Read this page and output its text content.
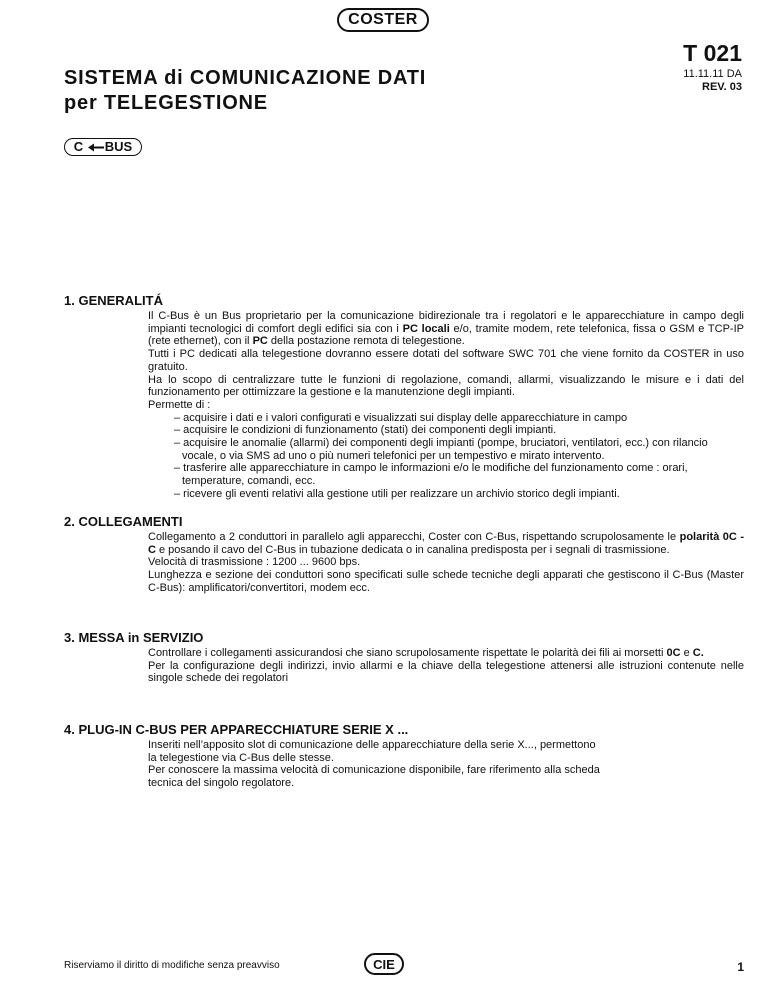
COSTER
T 021
11.11.11 DA
REV. 03
SISTEMA di COMUNICAZIONE DATI
per TELEGESTIONE
C BUS
1. GENERALITÁ

Il C-Bus è un Bus proprietario per la comunicazione bidirezionale tra i regolatori e le apparecchiature in campo degli impianti tecnologici di comfort degli edifici sia con i PC locali e/o, tramite modem, rete telefonica, fissa o GSM e TCP-IP (rete ethernet), con il PC della postazione remota di telegestione.

Tutti i PC dedicati alla telegestione dovranno essere dotati del software SWC 701 che viene fornito da COSTER in uso gratuito.

Ha lo scopo di centralizzare tutte le funzioni di regolazione, comandi, allarmi, visualizzando le misure e i dati del funzionamento per ottimizzare la gestione e la manutenzione degli impianti.

Permette di :

– acquisire i dati e i valori configurati e visualizzati sui display delle apparecchiature in campo

– acquisire le condizioni di funzionamento (stati) dei componenti degli impianti.

– acquisire le anomalie (allarmi) dei componenti degli impianti (pompe, bruciatori, ventilatori, ecc.) con rilancio

vocale, o via SMS ad uno o più numeri telefonici per un tempestivo e mirato intervento.

– trasferire alle apparecchiature in campo le informazioni e/o le modifiche del funzionamento come : orari,

temperature, comandi, ecc.

– ricevere gli eventi relativi alla gestione utili per realizzare un archivio storico degli impianti.

2. COLLEGAMENTI

Collegamento a 2 conduttori in parallelo agli apparecchi, Coster con C-Bus, rispettando scrupolosamente le polarità 0C - C e posando il cavo del C-Bus in tubazione dedicata o in canalina predisposta per i segnali di trasmissione.

Velocità di trasmissione : 1200 ... 9600 bps.

Lunghezza e sezione dei conduttori sono specificati sulle schede tecniche degli apparati che gestiscono il C-Bus (Master C-Bus): amplificatori/convertitori, modem ecc.

3. MESSA in SERVIZIO

Controllare i collegamenti assicurandosi che siano scrupolosamente rispettate le polarità dei fili ai morsetti 0C e C.

Per la configurazione degli indirizzi, invio allarmi e la chiave della telegestione attenersi alle istruzioni contenute nelle singole schede dei regolatori

4. PLUG-IN C-BUS PER APPARECCHIATURE SERIE X ...
Inseriti nell’apposito slot di comunicazione delle apparecchiature della serie X..., permettono
la telegestione via C-Bus delle stesse.
Per conoscere la massima velocità di comunicazione disponibile, fare riferimento alla scheda
tecnica del singolo regolatore.
Riserviamo il diritto di modifiche senza preavviso	CIE	1
